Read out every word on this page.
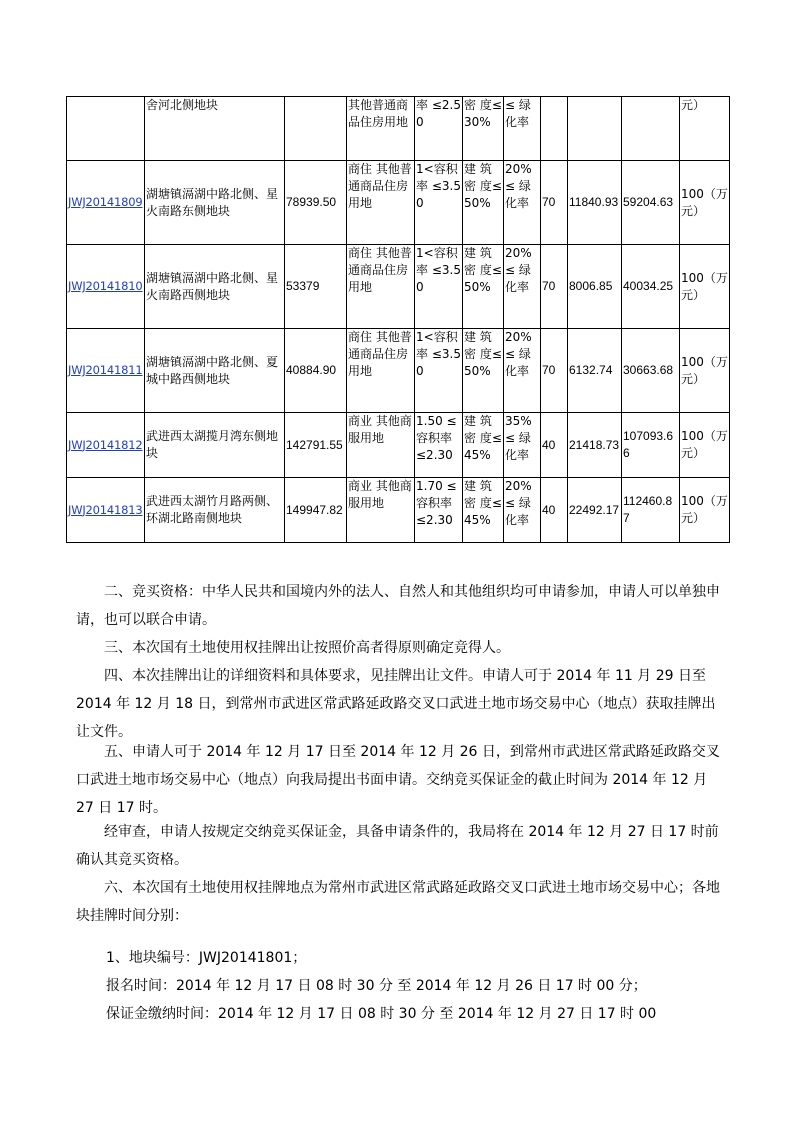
	舍河北侧地块		其他普通商品住房用地	率 ≤2.50	密 度≤30%	≤ 绿化率				元）
JWJ20141809	湖塘镇滆湖中路北侧、星火南路东侧地块	78939.50	商住 其他普通商品住房用地	1<容积率 ≤3.50	建 筑密 度≤50%	20%≤ 绿化率	70	11840.93	59204.63	100（万元）
JWJ20141810	湖塘镇滆湖中路北侧、星火南路西侧地块	53379	商住 其他普通商品住房用地	1<容积率 ≤3.50	建 筑密 度≤50%	20%≤ 绿化率	70	8006.85	40034.25	100（万元）
JWJ20141811	湖塘镇滆湖中路北侧、夏城中路西侧地块	40884.90	商住 其他普通商品住房用地	1<容积率 ≤3.50	建 筑密 度≤50%	20%≤ 绿化率	70	6132.74	30663.68	100（万元）
JWJ20141812	武进西太湖揽月湾东侧地块	142791.55	商业 其他商服用地	1.50 ≤容积率≤2.30	建 筑密 度≤45%	35%≤ 绿化率	40	21418.73	107093.66	100（万元）
JWJ20141813	武进西太湖竹月路两侧、环湖北路南侧地块	149947.82	商业 其他商服用地	1.70 ≤容积率≤2.30	建 筑密 度≤45%	20%≤ 绿化率	40	22492.17	112460.87	100（万元）

二、竞买资格：中华人民共和国境内外的法人、自然人和其他组织均可申请参加，申请人可以单独申请，也可以联合申请。

三、本次国有土地使用权挂牌出让按照价高者得原则确定竞得人。

四、本次挂牌出让的详细资料和具体要求，见挂牌出让文件。申请人可于 2014 年 11 月 29 日至 2014 年 12 月 18 日，到常州市武进区常武路延政路交叉口武进土地市场交易中心（地点）获取挂牌出让文件。

五、申请人可于 2014 年 12 月 17 日至 2014 年 12 月 26 日，到常州市武进区常武路延政路交叉口武进土地市场交易中心（地点）向我局提出书面申请。交纳竞买保证金的截止时间为 2014 年 12 月 27 日 17 时。

经审查，申请人按规定交纳竞买保证金，具备申请条件的，我局将在 2014 年 12 月 27 日 17 时前确认其竞买资格。

六、本次国有土地使用权挂牌地点为常州市武进区常武路延政路交叉口武进土地市场交易中心；各地块挂牌时间分别：

1、地块编号：JWJ20141801；

报名时间：2014 年 12 月 17 日 08 时 30 分 至 2014 年 12 月 26 日 17 时 00 分；

保证金缴纳时间：2014 年 12 月 17 日 08 时 30 分 至 2014 年 12 月 27 日 17 时 00
